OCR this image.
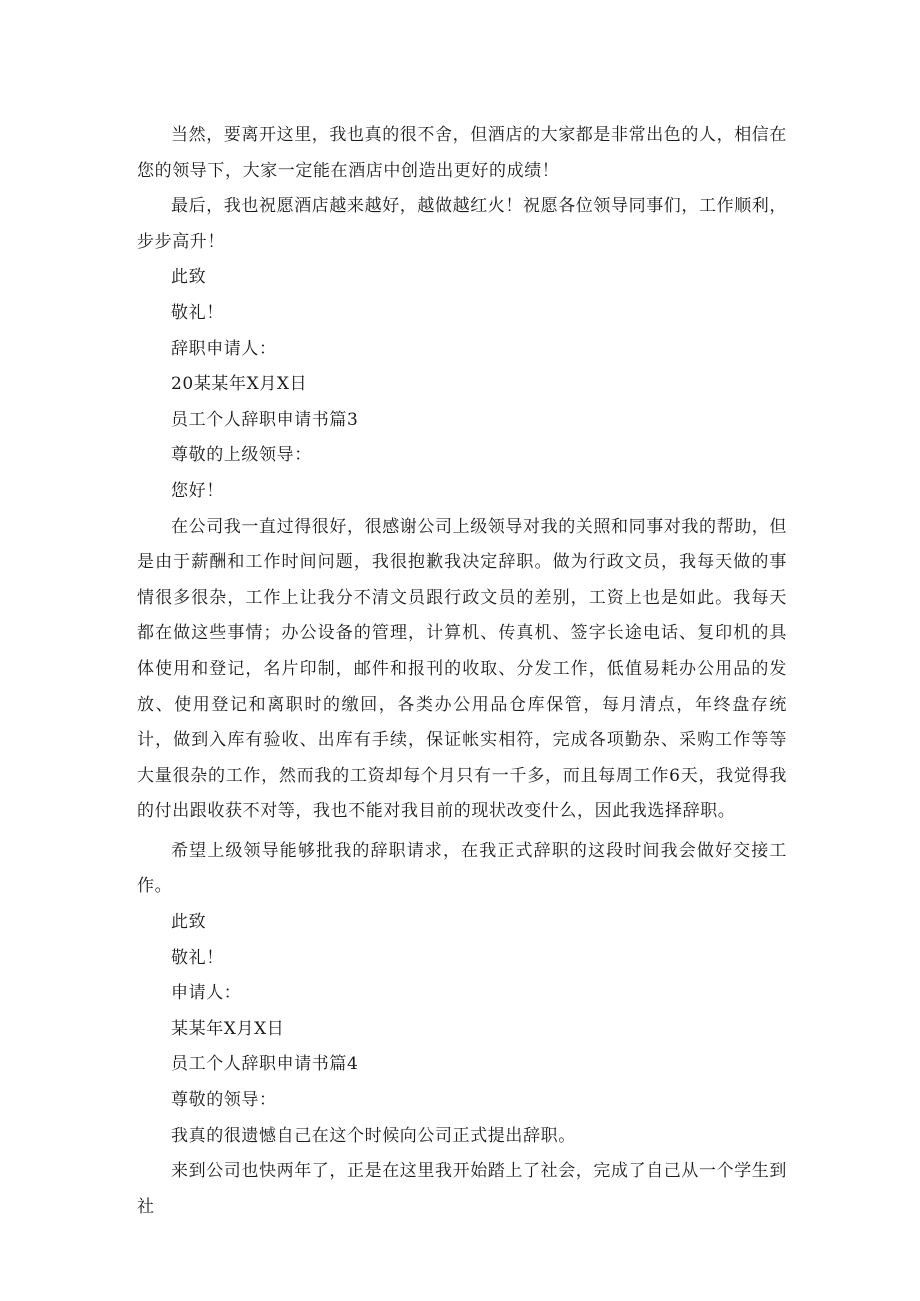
当然，要离开这里，我也真的很不舍，但酒店的大家都是非常出色的人，相信在您的领导下，大家一定能在酒店中创造出更好的成绩！

最后，我也祝愿酒店越来越好，越做越红火！祝愿各位领导同事们，工作顺利，步步高升！

此致

敬礼！

辞职申请人：

20某某年X月X日

员工个人辞职申请书篇3

尊敬的上级领导：

您好！

在公司我一直过得很好，很感谢公司上级领导对我的关照和同事对我的帮助，但是由于薪酬和工作时间问题，我很抱歉我决定辞职。做为行政文员，我每天做的事情很多很杂，工作上让我分不清文员跟行政文员的差别，工资上也是如此。我每天都在做这些事情；办公设备的管理，计算机、传真机、签字长途电话、复印机的具体使用和登记，名片印制，邮件和报刊的收取、分发工作，低值易耗办公用品的发放、使用登记和离职时的缴回，各类办公用品仓库保管，每月清点，年终盘存统计，做到入库有验收、出库有手续，保证帐实相符，完成各项勤杂、采购工作等等大量很杂的工作，然而我的工资却每个月只有一千多，而且每周工作6天，我觉得我的付出跟收获不对等，我也不能对我目前的现状改变什么，因此我选择辞职。

希望上级领导能够批我的辞职请求，在我正式辞职的这段时间我会做好交接工作。

此致

敬礼！

申请人：

某某年X月X日

员工个人辞职申请书篇4

尊敬的领导：

我真的很遗憾自己在这个时候向公司正式提出辞职。

来到公司也快两年了，正是在这里我开始踏上了社会，完成了自己从一个学生到社
